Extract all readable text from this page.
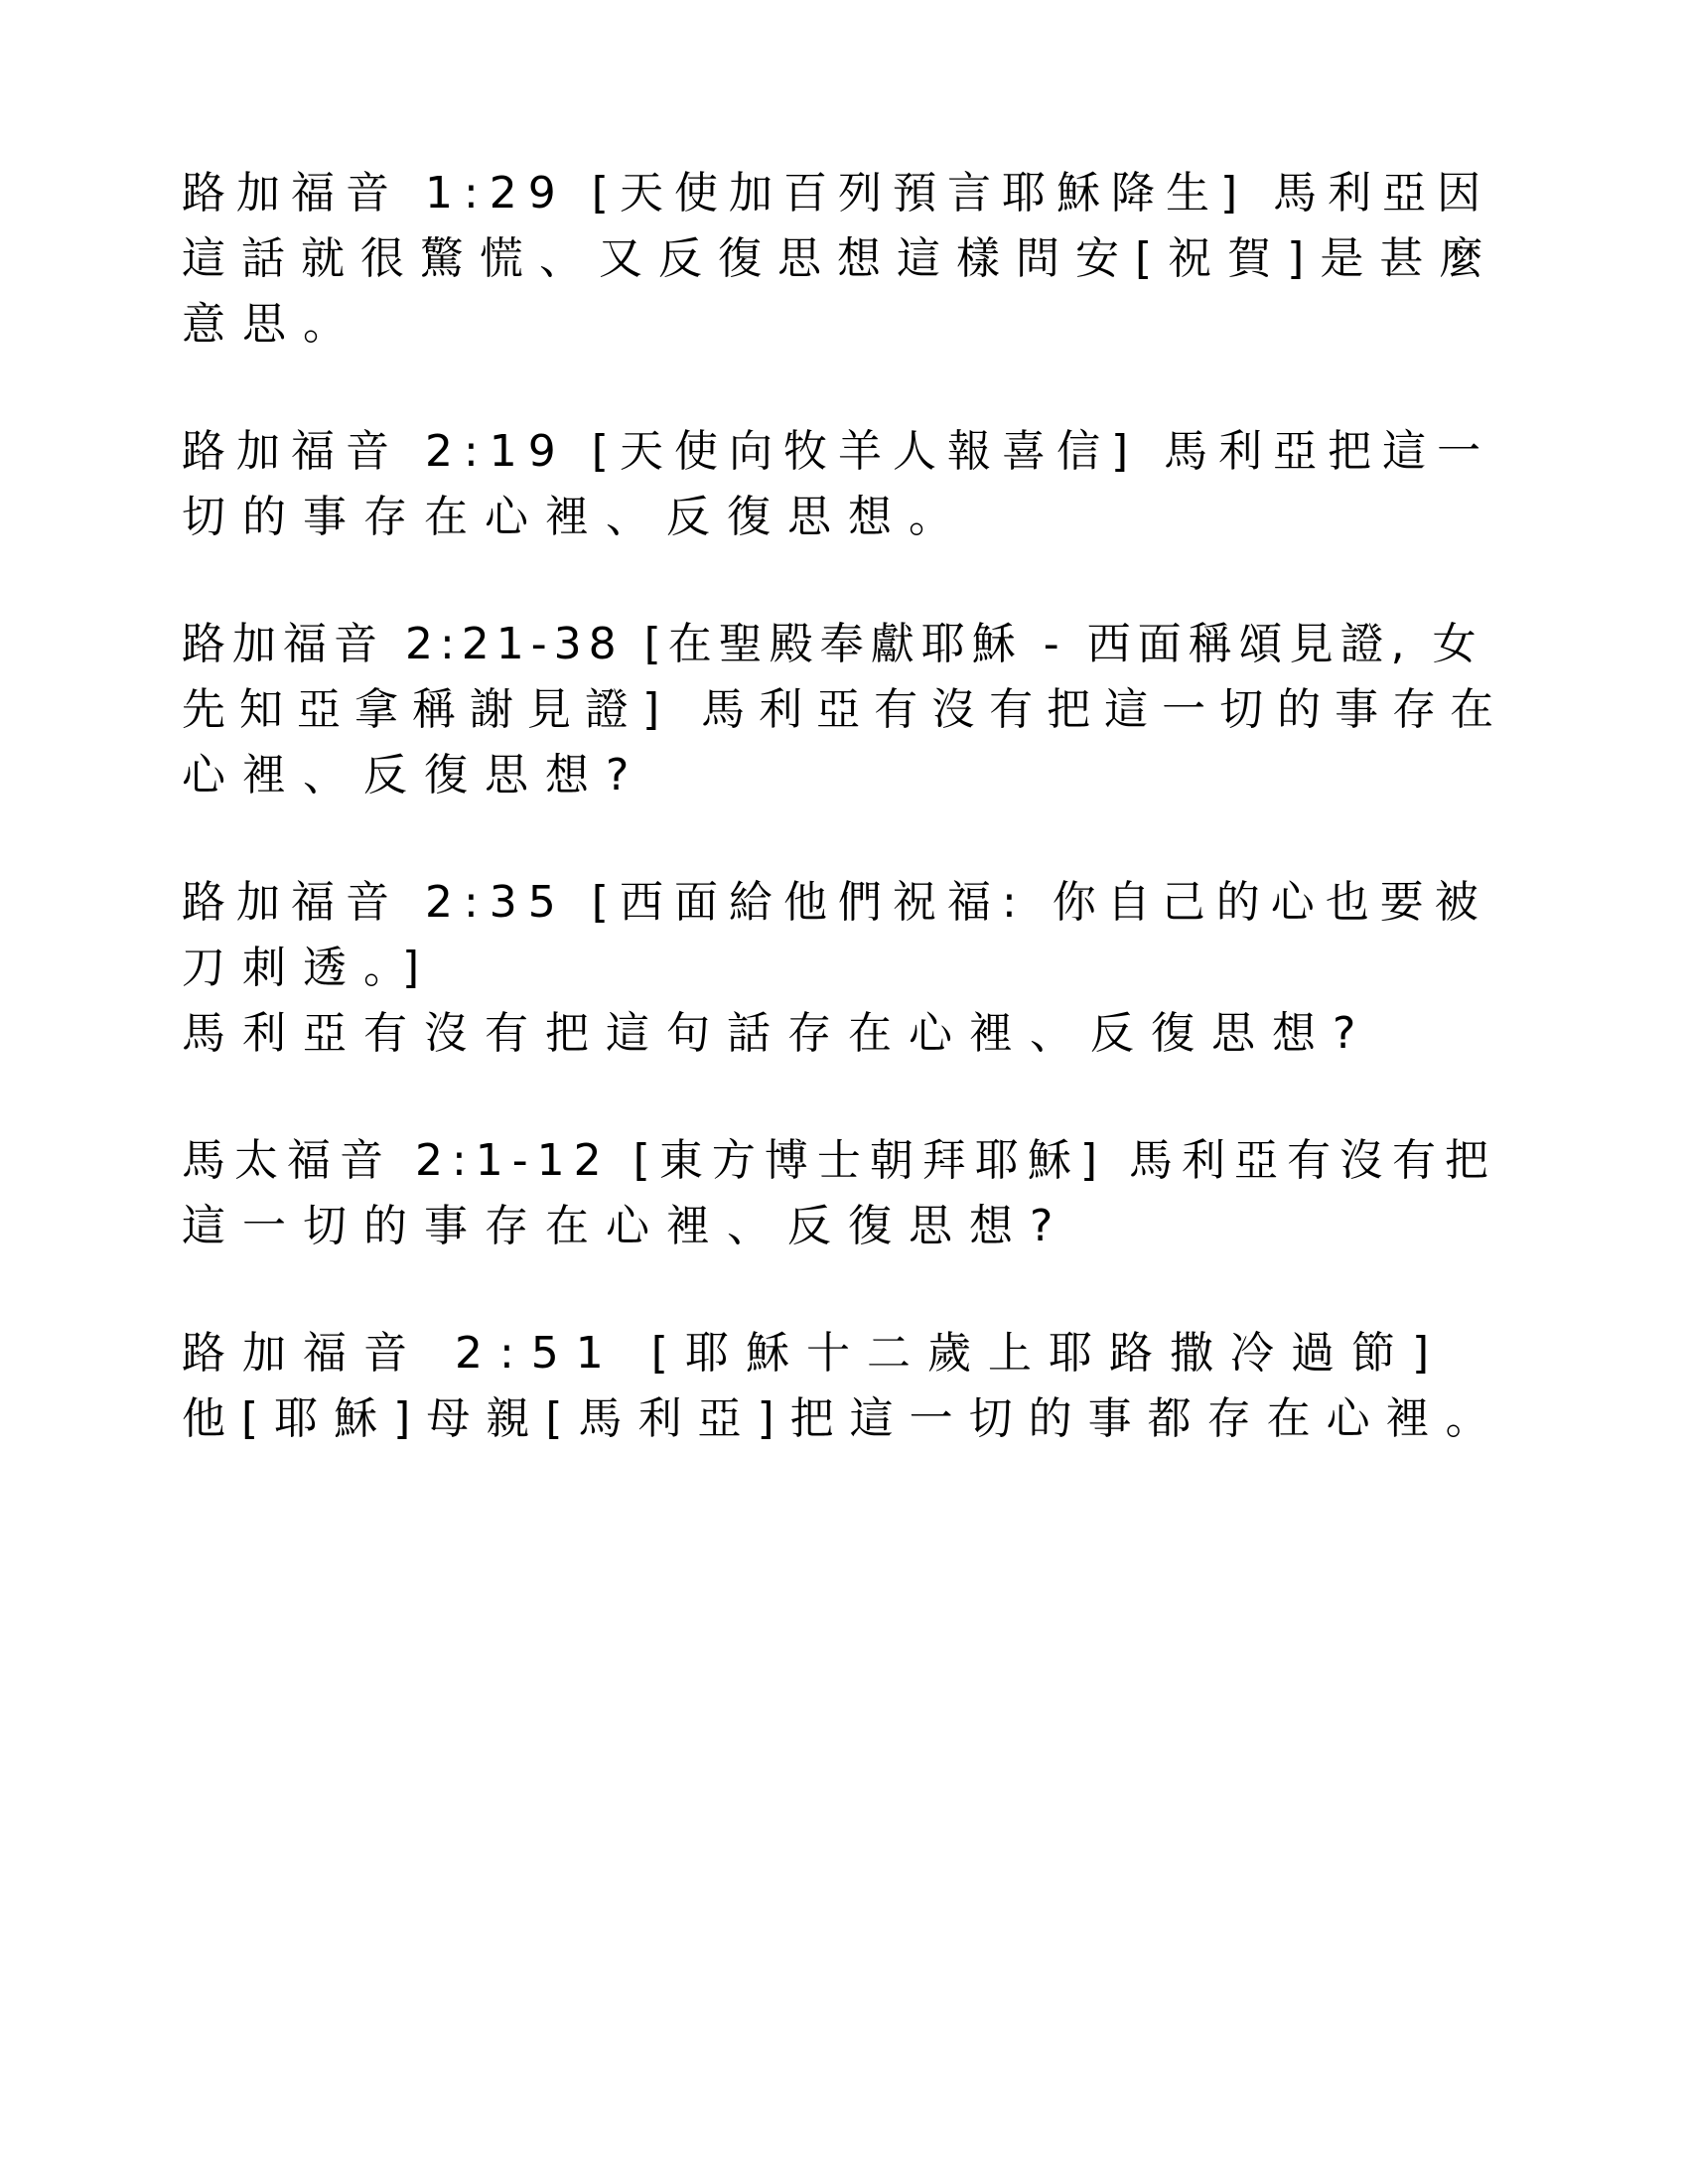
路加福音 1:29 [天使加百列預言耶穌降生] 馬利亞因
這話就很驚慌、又反復思想這樣問安[祝賀]是甚麼
意思。
路加福音 2:19 [天使向牧羊人報喜信] 馬利亞把這一
切的事存在心裡、反復思想。
路加福音 2:21-38 [在聖殿奉獻耶穌 - 西面稱頌見證, 女
先知亞拿稱謝見證] 馬利亞有沒有把這一切的事存在
心裡、反復思想?
路加福音 2:35 [西面給他們祝福: 你自己的心也要被
刀刺透。]
馬利亞有沒有把這句話存在心裡、反復思想?
馬太福音 2:1-12 [東方博士朝拜耶穌] 馬利亞有沒有把
這一切的事存在心裡、反復思想?
路加福音 2:51 [耶穌十二歲上耶路撒冷過節]
他[耶穌]母親[馬利亞]把這一切的事都存在心裡。
